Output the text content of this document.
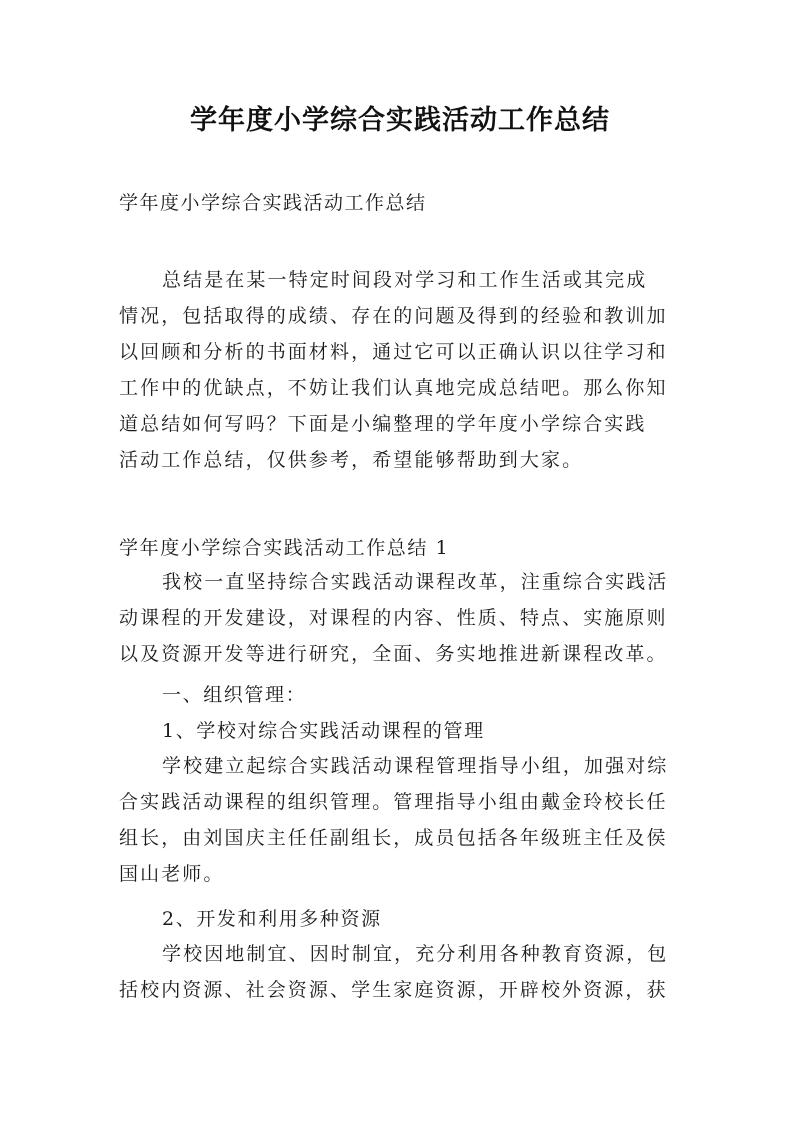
学年度小学综合实践活动工作总结
学年度小学综合实践活动工作总结
总结是在某一特定时间段对学习和工作生活或其完成
情况，包括取得的成绩、存在的问题及得到的经验和教训加
以回顾和分析的书面材料，通过它可以正确认识以往学习和
工作中的优缺点，不妨让我们认真地完成总结吧。那么你知
道总结如何写吗？下面是小编整理的学年度小学综合实践
活动工作总结，仅供参考，希望能够帮助到大家。
学年度小学综合实践活动工作总结 1
我校一直坚持综合实践活动课程改革，注重综合实践活
动课程的开发建设，对课程的内容、性质、特点、实施原则
以及资源开发等进行研究，全面、务实地推进新课程改革。
一、组织管理：
1、学校对综合实践活动课程的管理
学校建立起综合实践活动课程管理指导小组，加强对综
合实践活动课程的组织管理。管理指导小组由戴金玲校长任
组长，由刘国庆主任任副组长，成员包括各年级班主任及侯
国山老师。
2、开发和利用多种资源
学校因地制宜、因时制宜，充分利用各种教育资源，包
括校内资源、社会资源、学生家庭资源，开辟校外资源，获
